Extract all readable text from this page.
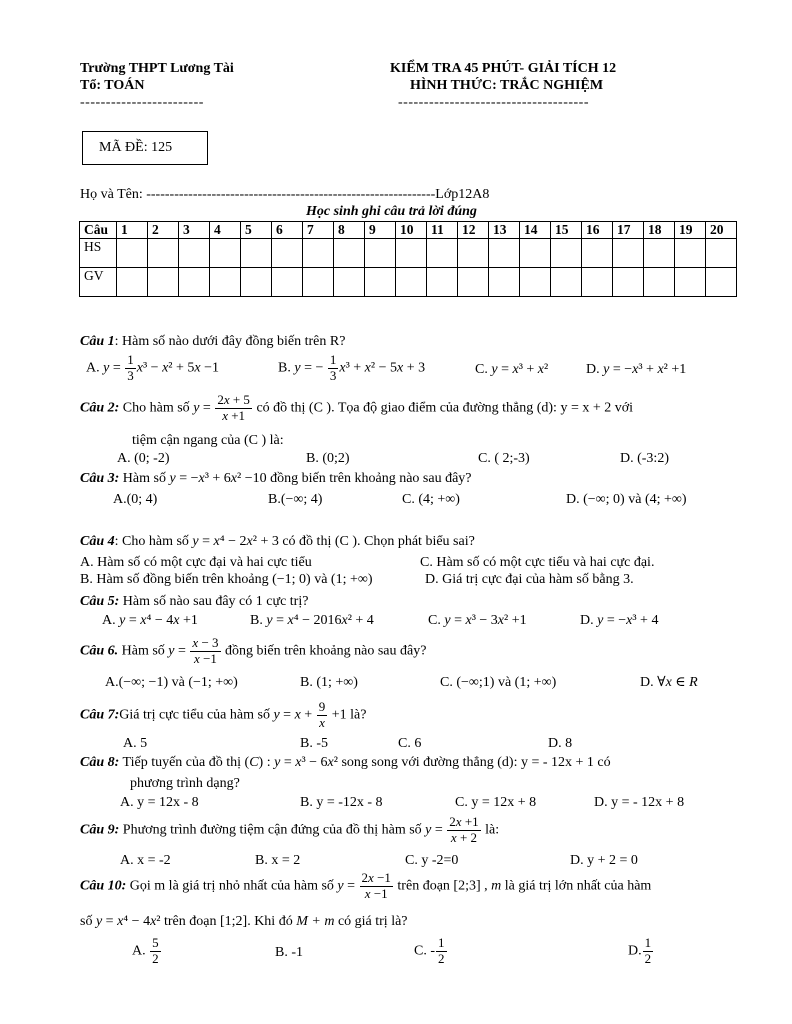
Trường THPT Lương Tài
Tổ: TOÁN
------------------------
KIỂM TRA 45 PHÚT- GIẢI TÍCH 12
HÌNH THỨC: TRẮC NGHIỆM
-------------------------------------
MÃ ĐỀ: 125
Họ và Tên: --------------------------------------------------------------Lớp12A8
Học sinh ghi câu trả lời đúng
Câu	1	2	3	4	5	6	7	8	9	10	11	12	13	14	15	16	17	18	19	20
HS																				
GV																				
Câu 1: Hàm số nào dưới đây đồng biến trên R?
A. $y = \frac{1}{3} x^3 - x^2 + 5x -1$	B. y = − $\frac{1}{3} x^3 + x^2 - 5x + 3$	C. y = x³ + x²	D. y = −x³ + x² +1
Câu 2: Cho hàm số $y = \frac{2x + 5}{x +1}$ có đồ thị (C ). Tọa độ giao điểm của đường thẳng (d): y = x + 2 với
tiệm cận ngang của (C ) là:
A. (0; -2)	B. (0;2)	C. ( 2;-3)	D. (-3:2)
Câu 3: Hàm số y = −x³ + 6x² −10 đồng biến trên khoảng nào sau đây?
A.(0; 4)	B.(−∞; 4)	C. (4; +∞)	D. (−∞; 0) và (4; +∞)
Câu 4: Cho hàm số y = x⁴ − 2x² + 3 có đồ thị (C ). Chọn phát biểu sai?
A. Hàm số có một cực đại và hai cực tiểu	C. Hàm số có một cực tiểu và hai cực đại.
B. Hàm số đồng biến trên khoảng (−1; 0) và (1; +∞)	D. Giá trị cực đại của hàm số bằng 3.
Câu 5: Hàm số nào sau đây có 1 cực trị?
A. y = x⁴ − 4x +1	B. y = x⁴ − 2016x² + 4	C. y = x³ − 3x² +1	D. y = −x³ + 4
Câu 6. Hàm số $y = \frac{x - 3}{x -1}$ đồng biến trên khoảng nào sau đây?
A.(−∞; −1) và (−1; +∞)	B. (1; +∞)	C. (−∞;1) và (1; +∞)	D. ∀x ∈ R
Câu 7:Giá trị cực tiểu của hàm số $y = x + \frac{9}{x} +1$ là?
A. 5	B. -5	C. 6	D. 8
Câu 8: Tiếp tuyến của đồ thị (C) : y = x³ − 6x² song song với đường thẳng (d): y = - 12x + 1 có
phương trình dạng?
A. y = 12x - 8	B. y = -12x - 8	C. y = 12x + 8	D. y = - 12x + 8
Câu 9: Phương trình đường tiệm cận đứng của đồ thị hàm số $y = \frac{2x +1}{x + 2}$ là:
A. x = -2	B. x = 2	C. y -2=0	D. y + 2 = 0
Câu 10: Gọi m là giá trị nhỏ nhất của hàm số $y = \frac{2x -1}{x -1}$ trên đoạn [2;3] , m là giá trị lớn nhất của hàm
số y = x⁴ − 4x² trên đoạn [1;2]. Khi đó M + m có giá trị là?
A. $\frac{5}{2}$	B. -1	C. - $\frac{1}{2}$	D. $\frac{1}{2}$
